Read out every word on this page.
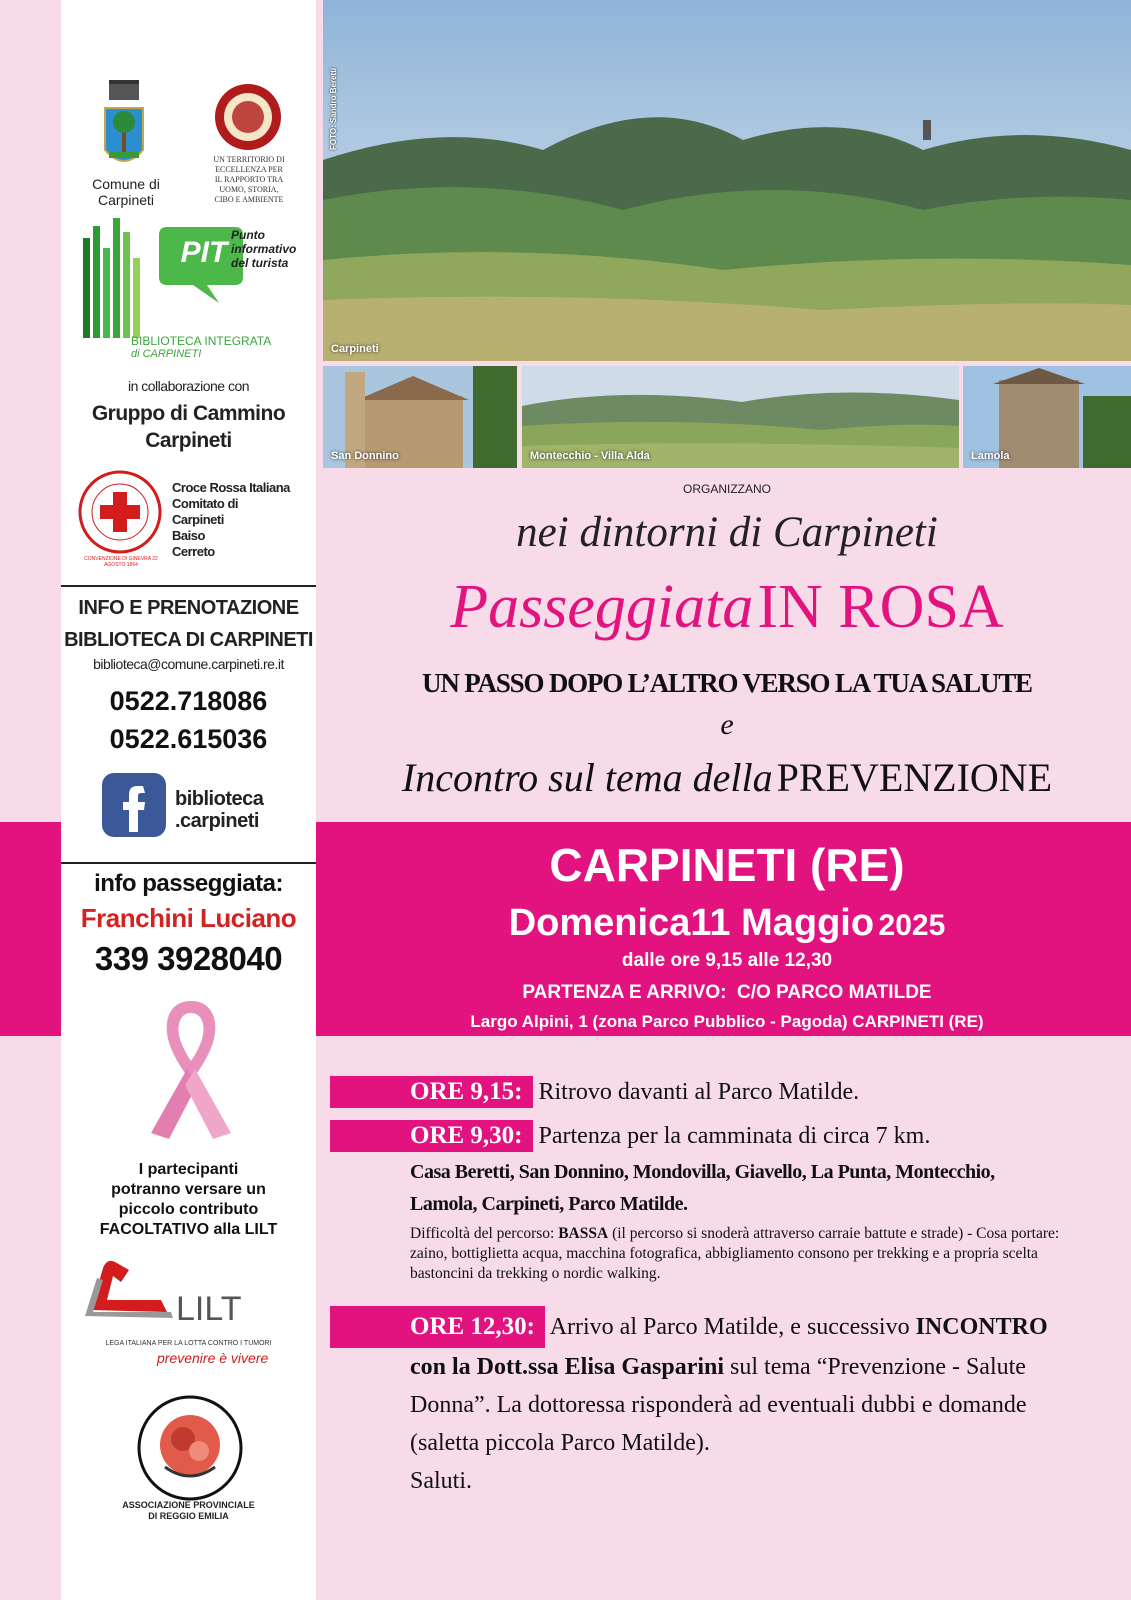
Comune di
Carpineti
UN TERRITORIO DI ECCELLENZA PER IL RAPPORTO TRA UOMO, STORIA, CIBO E AMBIENTE
PIT
Punto informativo del turista
BIBLIOTECA INTEGRATA
di CARPINETI
in collaborazione con
Gruppo di Cammino
Carpineti
CONVENZIONE DI GINEVRA 22 AGOSTO 1864
Croce Rossa Italiana
Comitato di
Carpineti
Baiso
Cerreto
INFO E PRENOTAZIONE
BIBLIOTECA DI CARPINETI
biblioteca@comune.carpineti.re.it
0522.718086
0522.615036
biblioteca
.carpineti
info passeggiata:
Franchini Luciano
339 3928040
I partecipanti
potranno versare un
piccolo contributo
FACOLTATIVO alla LILT
LILT
LEGA ITALIANA PER LA LOTTA CONTRO I TUMORI
prevenire è vivere
ASSOCIAZIONE PROVINCIALE
DI REGGIO EMILIA
Carpineti
FOTO: Sandro Beretti
San Donnino	Montecchio - Villa Alda	Lamola
ORGANIZZANO
nei dintorni di Carpineti
Passeggiata IN ROSA
UN PASSO DOPO L’ALTRO VERSO LA TUA SALUTE
e
Incontro sul tema della PREVENZIONE
CARPINETI (RE)
Domenica11 Maggio 2025
dalle ore 9,15 alle 12,30
PARTENZA E ARRIVO:  C/O PARCO MATILDE
Largo Alpini, 1 (zona Parco Pubblico - Pagoda) CARPINETI (RE)
ORE 9,15: Ritrovo davanti al Parco Matilde.
ORE 9,30: Partenza per la camminata di circa 7 km.
Casa Beretti, San Donnino, Mondovilla, Giavello, La Punta, Montecchio, Lamola, Carpineti, Parco Matilde.
Difficoltà del percorso: BASSA (il percorso si snoderà attraverso carraie battute e strade) - Cosa portare: zaino, bottiglietta acqua, macchina fotografica, abbigliamento consono per trekking e a propria scelta bastoncini da trekking o nordic walking.
ORE 12,30: Arrivo al Parco Matilde, e successivo INCONTRO con la Dott.ssa Elisa Gasparini sul tema “Prevenzione - Salute Donna”. La dottoressa risponderà ad eventuali dubbi e domande (saletta piccola Parco Matilde).
Saluti.
